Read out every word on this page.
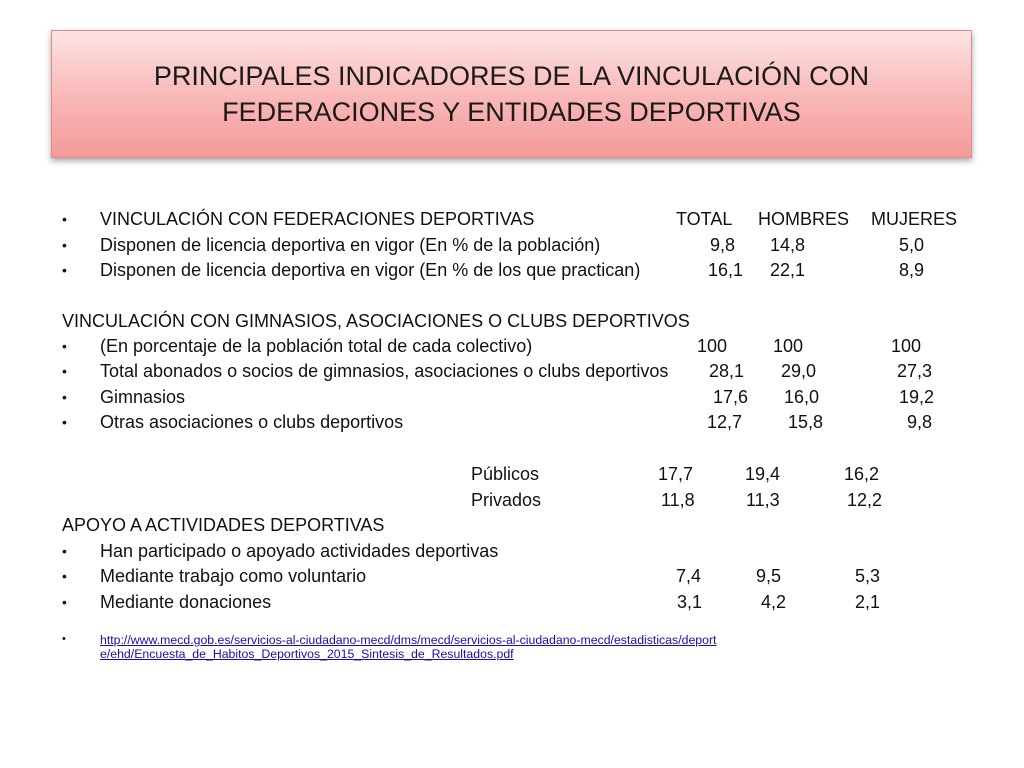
PRINCIPALES INDICADORES DE LA VINCULACIÓN CON
FEDERACIONES Y ENTIDADES DEPORTIVAS
• VINCULACIÓN CON FEDERACIONES DEPORTIVAS	TOTAL HOMBRES MUJERES
• Disponen de licencia deportiva en vigor (En % de la población)	9,8 14,8	5,0
• Disponen de licencia deportiva en vigor (En % de los que practican)	16,1 22,1	8,9
VINCULACIÓN CON GIMNASIOS, ASOCIACIONES O CLUBS DEPORTIVOS
• (En porcentaje de la población total de cada colectivo)	100	100	100
• Total abonados o socios de gimnasios, asociaciones o clubs deportivos 28,1 29,0	27,3
• Gimnasios	17,6 16,0	19,2
• Otras asociaciones o clubs deportivos	12,7	15,8	9,8
Públicos	17,7	19,4	16,2
Privados	11,8	11,3	12,2
APOYO A ACTIVIDADES DEPORTIVAS
• Han participado o apoyado actividades deportivas
• Mediante trabajo como voluntario	7,4	9,5	5,3
• Mediante donaciones	3,1	4,2	2,1
•	http://www.mecd.gob.es/servicios-al-ciudadano-mecd/dms/mecd/servicios-al-ciudadano-mecd/estadisticas/deporte/ehd/Encuesta_de_Habitos_Deportivos_2015_Sintesis_de_Resultados.pdf
